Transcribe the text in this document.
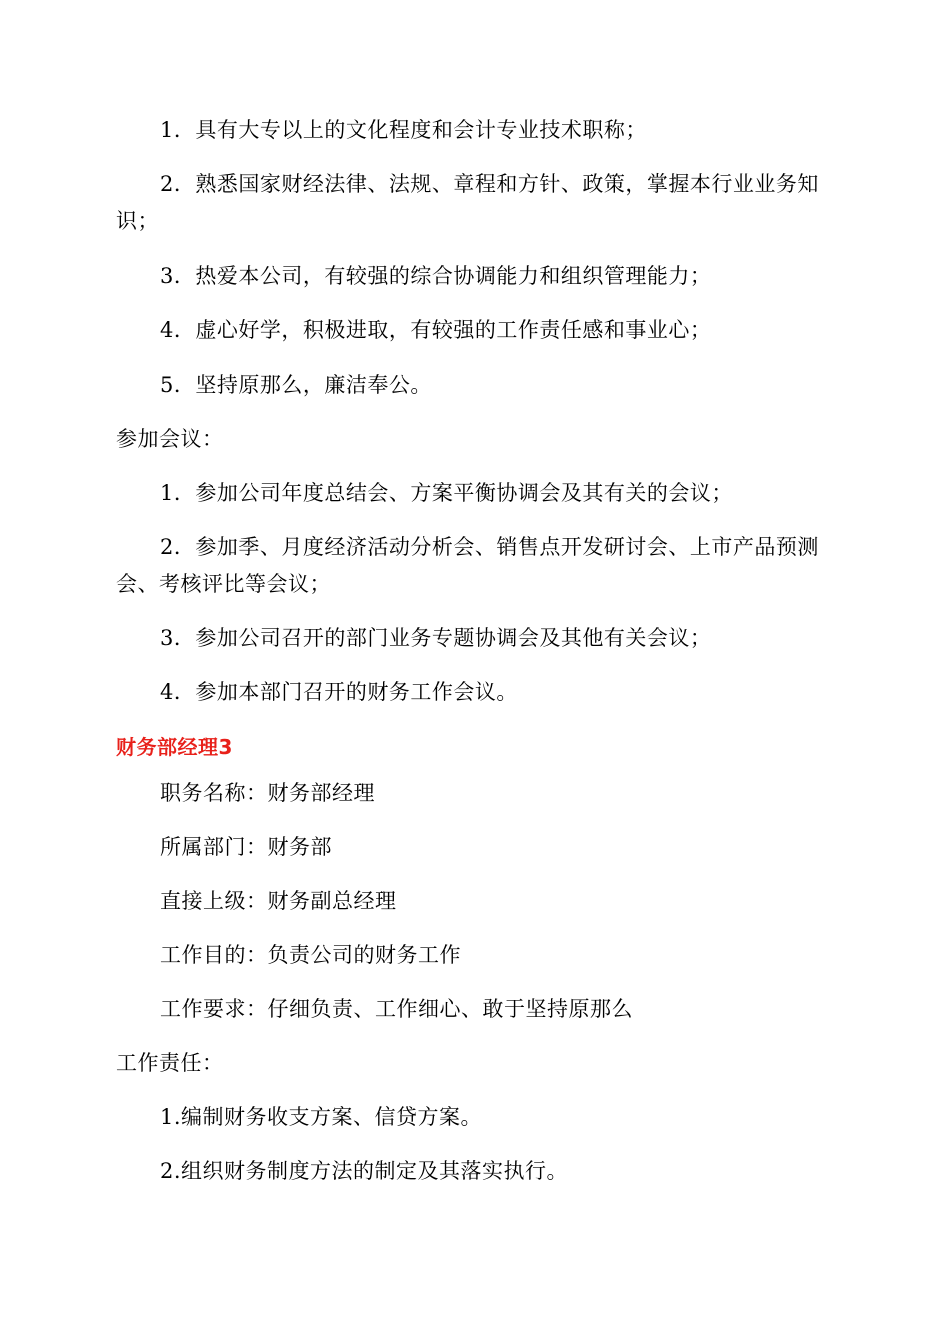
1．具有大专以上的文化程度和会计专业技术职称；
2．熟悉国家财经法律、法规、章程和方针、政策，掌握本行业业务知识；
3．热爱本公司，有较强的综合协调能力和组织管理能力；
4．虚心好学，积极进取，有较强的工作责任感和事业心；
5．坚持原那么，廉洁奉公。
参加会议：
1．参加公司年度总结会、方案平衡协调会及其有关的会议；
2．参加季、月度经济活动分析会、销售点开发研讨会、上市产品预测会、考核评比等会议；
3．参加公司召开的部门业务专题协调会及其他有关会议；
4．参加本部门召开的财务工作会议。
财务部经理3
职务名称：财务部经理
所属部门：财务部
直接上级：财务副总经理
工作目的：负责公司的财务工作
工作要求：仔细负责、工作细心、敢于坚持原那么
工作责任：
1.编制财务收支方案、信贷方案。
2.组织财务制度方法的制定及其落实执行。
